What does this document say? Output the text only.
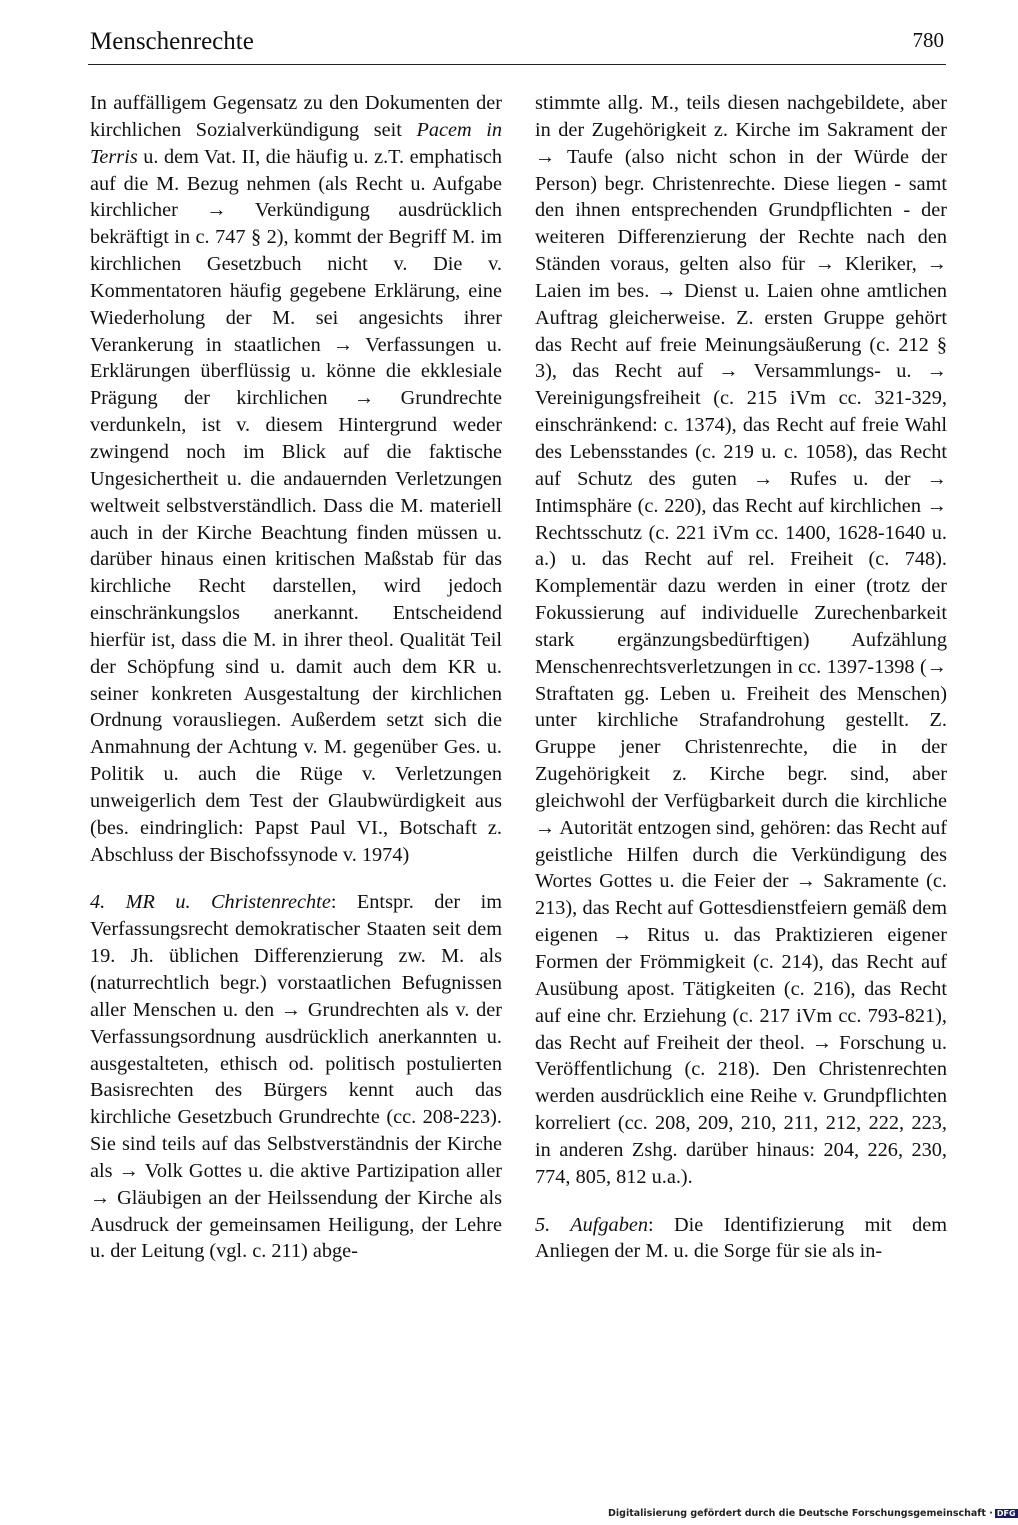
Menschenrechte	780

In auffälligem Gegensatz zu den Dokumenten der kirchlichen Sozialverkündigung seit Pacem in Terris u. dem Vat. II, die häufig u. z.T. emphatisch auf die M. Bezug nehmen (als Recht u. Aufgabe kirchlicher → Verkündigung ausdrücklich bekräftigt in c. 747 § 2), kommt der Begriff M. im kirchlichen Gesetzbuch nicht v. Die v. Kommentatoren häufig gegebene Erklärung, eine Wiederholung der M. sei angesichts ihrer Verankerung in staatlichen → Verfassungen u. Erklärungen überflüssig u. könne die ekklesiale Prägung der kirchlichen → Grundrechte verdunkeln, ist v. diesem Hintergrund weder zwingend noch im Blick auf die faktische Ungesichertheit u. die andauernden Verletzungen weltweit selbstverständlich. Dass die M. materiell auch in der Kirche Beachtung finden müssen u. darüber hinaus einen kritischen Maßstab für das kirchliche Recht darstellen, wird jedoch einschränkungslos anerkannt. Entscheidend hierfür ist, dass die M. in ihrer theol. Qualität Teil der Schöpfung sind u. damit auch dem KR u. seiner konkreten Ausgestaltung der kirchlichen Ordnung vorausliegen. Außerdem setzt sich die Anmahnung der Achtung v. M. gegenüber Ges. u. Politik u. auch die Rüge v. Verletzungen unweigerlich dem Test der Glaubwürdigkeit aus (bes. eindringlich: Papst Paul VI., Botschaft z. Abschluss der Bischofssynode v. 1974)

4. MR u. Christenrechte: Entspr. der im Verfassungsrecht demokratischer Staaten seit dem 19. Jh. üblichen Differenzierung zw. M. als (naturrechtlich begr.) vorstaatlichen Befugnissen aller Menschen u. den → Grundrechten als v. der Verfassungsordnung ausdrücklich anerkannten u. ausgestalteten, ethisch od. politisch postulierten Basisrechten des Bürgers kennt auch das kirchliche Gesetzbuch Grundrechte (cc. 208-223). Sie sind teils auf das Selbstverständnis der Kirche als → Volk Gottes u. die aktive Partizipation aller → Gläubigen an der Heilssendung der Kirche als Ausdruck der gemeinsamen Heiligung, der Lehre u. der Leitung (vgl. c. 211) abge-

stimmte allg. M., teils diesen nachgebildete, aber in der Zugehörigkeit z. Kirche im Sakrament der → Taufe (also nicht schon in der Würde der Person) begr. Christenrechte. Diese liegen - samt den ihnen entsprechenden Grundpflichten - der weiteren Differenzierung der Rechte nach den Ständen voraus, gelten also für → Kleriker, → Laien im bes. → Dienst u. Laien ohne amtlichen Auftrag gleicherweise. Z. ersten Gruppe gehört das Recht auf freie Meinungsäußerung (c. 212 § 3), das Recht auf → Versammlungs- u. → Vereinigungsfreiheit (c. 215 iVm cc. 321-329, einschränkend: c. 1374), das Recht auf freie Wahl des Lebensstandes (c. 219 u. c. 1058), das Recht auf Schutz des guten → Rufes u. der → Intimsphäre (c. 220), das Recht auf kirchlichen → Rechtsschutz (c. 221 iVm cc. 1400, 1628-1640 u. a.) u. das Recht auf rel. Freiheit (c. 748). Komplementär dazu werden in einer (trotz der Fokussierung auf individuelle Zurechenbarkeit stark ergänzungsbedürftigen) Aufzählung Menschenrechtsverletzungen in cc. 1397-1398 (→ Straftaten gg. Leben u. Freiheit des Menschen) unter kirchliche Strafandrohung gestellt. Z. Gruppe jener Christenrechte, die in der Zugehörigkeit z. Kirche begr. sind, aber gleichwohl der Verfügbarkeit durch die kirchliche → Autorität entzogen sind, gehören: das Recht auf geistliche Hilfen durch die Verkündigung des Wortes Gottes u. die Feier der → Sakramente (c. 213), das Recht auf Gottesdienstfeiern gemäß dem eigenen → Ritus u. das Praktizieren eigener Formen der Frömmigkeit (c. 214), das Recht auf Ausübung apost. Tätigkeiten (c. 216), das Recht auf eine chr. Erziehung (c. 217 iVm cc. 793-821), das Recht auf Freiheit der theol. → Forschung u. Veröffentlichung (c. 218). Den Christenrechten werden ausdrücklich eine Reihe v. Grundpflichten korreliert (cc. 208, 209, 210, 211, 212, 222, 223, in anderen Zshg. darüber hinaus: 204, 226, 230, 774, 805, 812 u.a.).

5. Aufgaben: Die Identifizierung mit dem Anliegen der M. u. die Sorge für sie als in-

Digitalisierung gefördert durch die Deutsche Forschungsgemeinschaft · DFG
